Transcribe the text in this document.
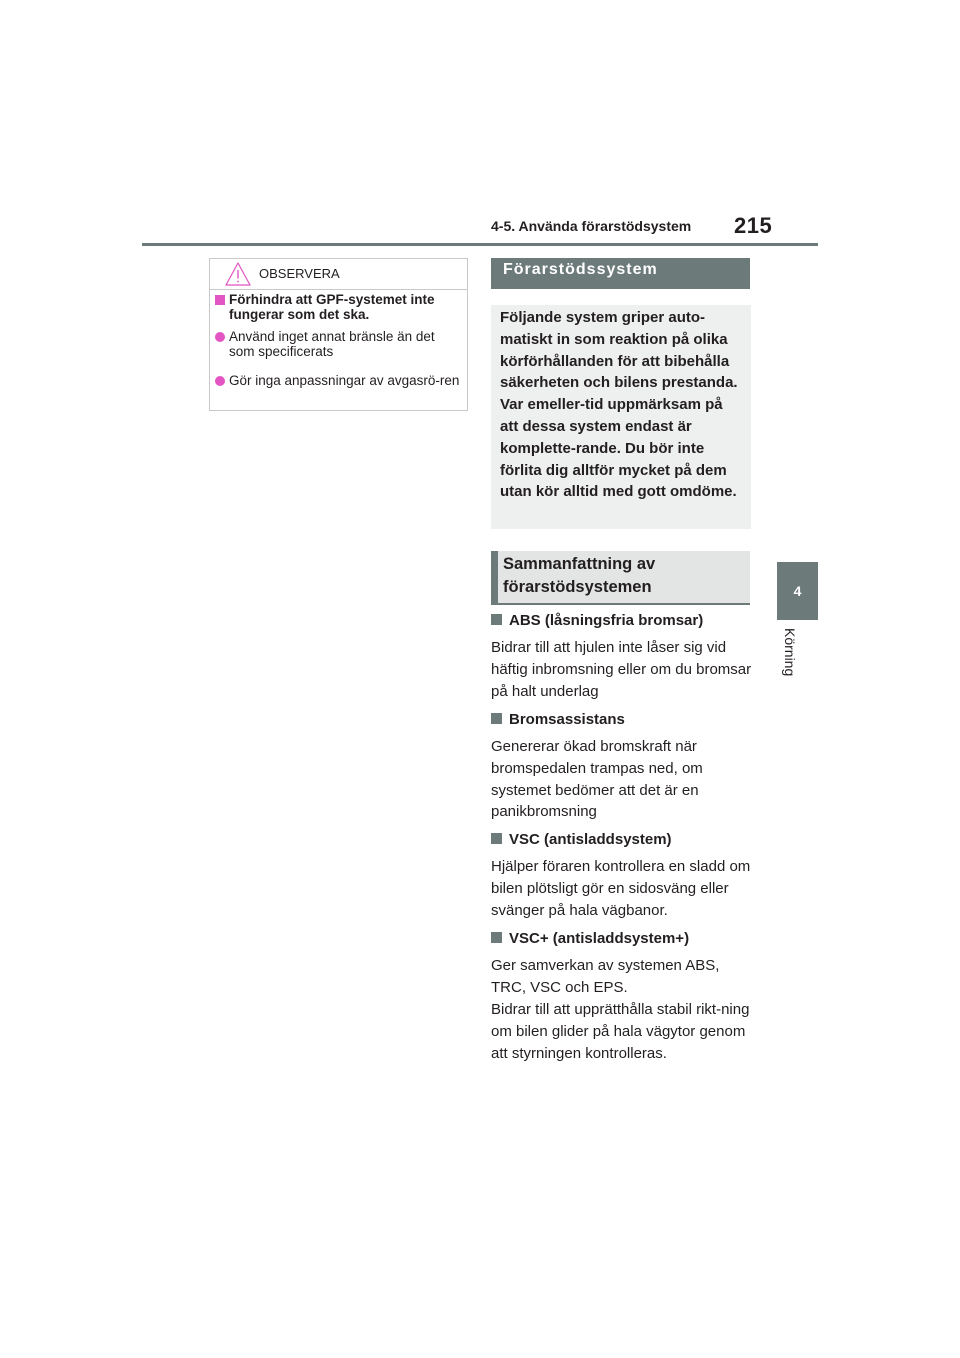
4-5. Använda förarstödsystem 215
4
Körning
OBSERVERA
Förhindra att GPF-systemet inte fungerar som det ska.
Använd inget annat bränsle än det som specificerats
Gör inga anpassningar av avgasrö-ren
Förarstödssystem

Följande system griper auto-matiskt in som reaktion på olika körförhållanden för att bibehålla säkerheten och bilens prestanda. Var emeller-tid uppmärksam på att dessa system endast är komplette-rande. Du bör inte förlita dig alltför mycket på dem utan kör alltid med gott omdöme.

Sammanfattning av förarstödsystemen
ABS (låsningsfria bromsar)

Bidrar till att hjulen inte låser sig vid häftig inbromsning eller om du bromsar på halt underlag

Bromsassistans

Genererar ökad bromskraft när bromspedalen trampas ned, om systemet bedömer att det är en panikbromsning

VSC (antisladdsystem)

Hjälper föraren kontrollera en sladd om bilen plötsligt gör en sidosväng eller svänger på hala vägbanor.

VSC+ (antisladdsystem+)

Ger samverkan av systemen ABS, TRC, VSC och EPS.

Bidrar till att upprätthålla stabil rikt-ning om bilen glider på hala vägytor genom att styrningen kontrolleras.
